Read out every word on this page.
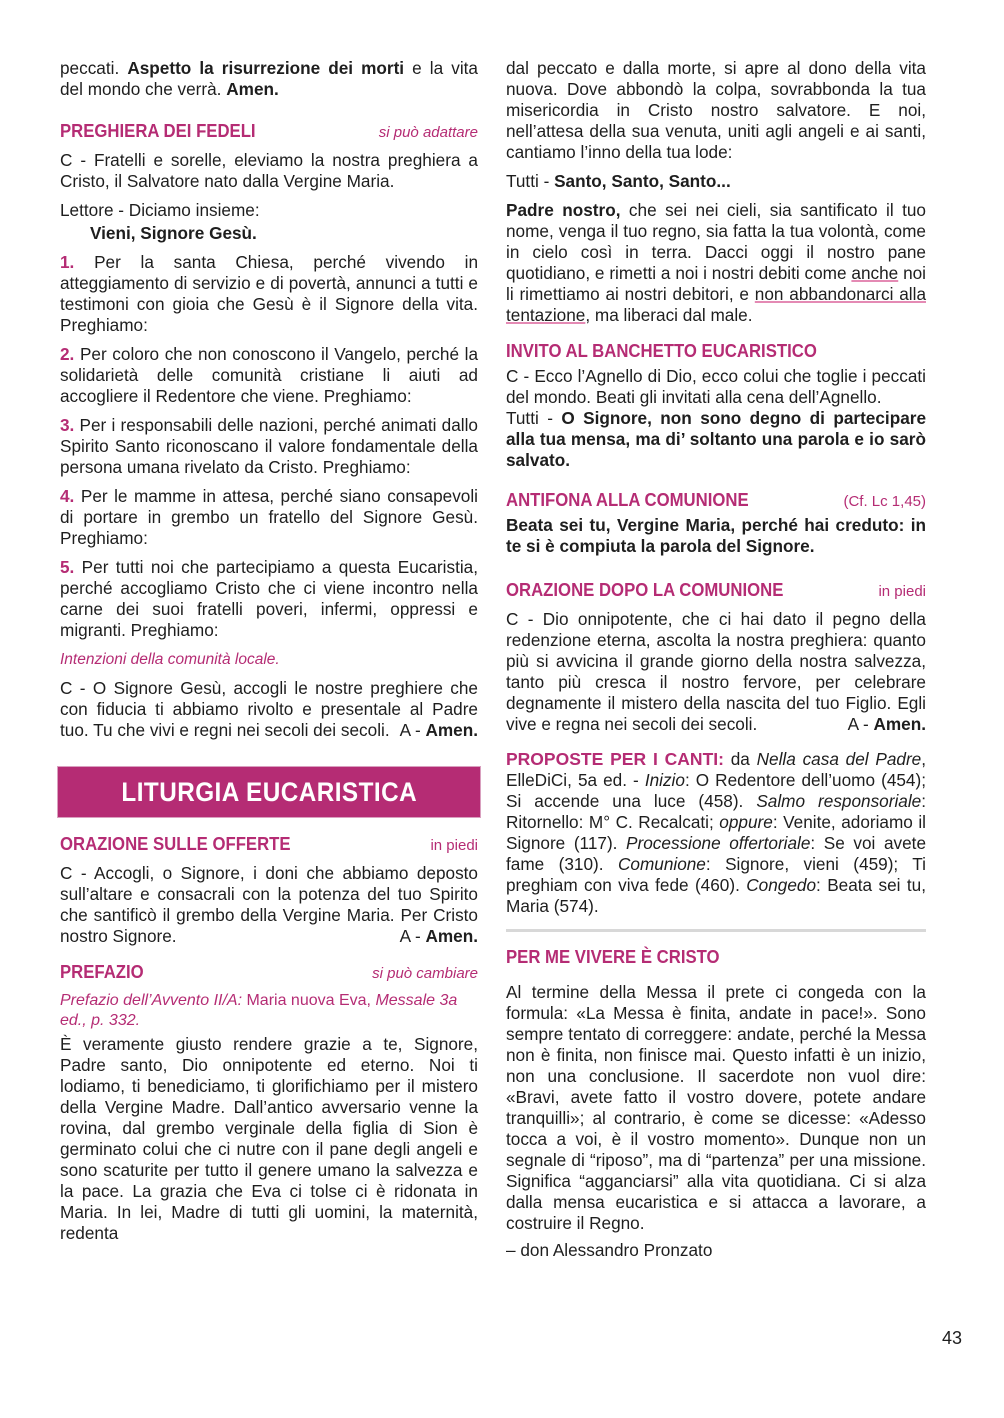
peccati. Aspetto la risurrezione dei morti e la vita del mondo che verrà. Amen.

PREGHIERA DEI FEDELI	si può adattare

C - Fratelli e sorelle, eleviamo la nostra preghiera a Cristo, il Salvatore nato dalla Vergine Maria.

Lettore - Diciamo insieme:

Vieni, Signore Gesù.

1. Per la santa Chiesa, perché vivendo in atteggiamento di servizio e di povertà, annunci a tutti e testimoni con gioia che Gesù è il Signore della vita. Preghiamo:

2. Per coloro che non conoscono il Vangelo, perché la solidarietà delle comunità cristiane li aiuti ad accogliere il Redentore che viene. Preghiamo:

3. Per i responsabili delle nazioni, perché animati dallo Spirito Santo riconoscano il valore fondamentale della persona umana rivelato da Cristo. Preghiamo:

4. Per le mamme in attesa, perché siano consapevoli di portare in grembo un fratello del Signore Gesù. Preghiamo:

5. Per tutti noi che partecipiamo a questa Eucaristia, perché accogliamo Cristo che ci viene incontro nella carne dei suoi fratelli poveri, infermi, oppressi e migranti. Preghiamo:

Intenzioni della comunità locale.

C - O Signore Gesù, accogli le nostre preghiere che con fiducia ti abbiamo rivolto e presentale al Padre tuo. Tu che vivi e regni nei secoli dei secoli. A - Amen.

LITURGIA EUCARISTICA
ORAZIONE SULLE OFFERTE	in piedi

C - Accogli, o Signore, i doni che abbiamo deposto sull’altare e consacrali con la potenza del tuo Spirito che santificò il grembo della Vergine Maria. Per Cristo nostro Signore.	A - Amen.

PREFAZIO	si può cambiare

Prefazio dell’Avvento II/A: Maria nuova Eva, Messale 3a ed., p. 332.

È veramente giusto rendere grazie a te, Signore, Padre santo, Dio onnipotente ed eterno. Noi ti lodiamo, ti benediciamo, ti glorifichiamo per il mistero della Vergine Madre. Dall’antico avversario venne la rovina, dal grembo verginale della figlia di Sion è germinato colui che ci nutre con il pane degli angeli e sono scaturite per tutto il genere umano la salvezza e la pace. La grazia che Eva ci tolse ci è ridonata in Maria. In lei, Madre di tutti gli uomini, la maternità, redenta

dal peccato e dalla morte, si apre al dono della vita nuova. Dove abbondò la colpa, sovrabbonda la tua misericordia in Cristo nostro salvatore. E noi, nell’attesa della sua venuta, uniti agli angeli e ai santi, cantiamo l’inno della tua lode:

Tutti - Santo, Santo, Santo...

Padre nostro, che sei nei cieli, sia santificato il tuo nome, venga il tuo regno, sia fatta la tua volontà, come in cielo così in terra. Dacci oggi il nostro pane quotidiano, e rimetti a noi i nostri debiti come anche noi li rimettiamo ai nostri debitori, e non abbandonarci alla tentazione, ma liberaci dal male.

INVITO AL BANCHETTO EUCARISTICO

C - Ecco l’Agnello di Dio, ecco colui che toglie i peccati del mondo. Beati gli invitati alla cena dell’Agnello.

Tutti - O Signore, non sono degno di partecipare alla tua mensa, ma di’ soltanto una parola e io sarò salvato.

ANTIFONA ALLA COMUNIONE	(Cf. Lc 1,45)

Beata sei tu, Vergine Maria, perché hai creduto: in te si è compiuta la parola del Signore.

ORAZIONE DOPO LA COMUNIONE	in piedi

C - Dio onnipotente, che ci hai dato il pegno della redenzione eterna, ascolta la nostra preghiera: quanto più si avvicina il grande giorno della nostra salvezza, tanto più cresca il nostro fervore, per celebrare degnamente il mistero della nascita del tuo Figlio. Egli vive e regna nei secoli dei secoli.	A - Amen.

PROPOSTE PER I CANTI: da Nella casa del Padre, ElleDiCi, 5a ed. - Inizio: O Redentore dell’uomo (454); Si accende una luce (458). Salmo responsoriale: Ritornello: M° C. Recalcati; oppure: Venite, adoriamo il Signore (117). Processione offertoriale: Se voi avete fame (310). Comunione: Signore, vieni (459); Ti preghiam con viva fede (460). Congedo: Beata sei tu, Maria (574).

PER ME VIVERE È CRISTO

Al termine della Messa il prete ci congeda con la formula: «La Messa è finita, andate in pace!». Sono sempre tentato di correggere: andate, perché la Messa non è finita, non finisce mai. Questo infatti è un inizio, non una conclusione. Il sacerdote non vuol dire: «Bravi, avete fatto il vostro dovere, potete andare tranquilli»; al contrario, è come se dicesse: «Adesso tocca a voi, è il vostro momento». Dunque non un segnale di “riposo”, ma di “partenza” per una missione. Significa “agganciarsi” alla vita quotidiana. Ci si alza dalla mensa eucaristica e si attacca a lavorare, a costruire il Regno.

– don Alessandro Pronzato

43
